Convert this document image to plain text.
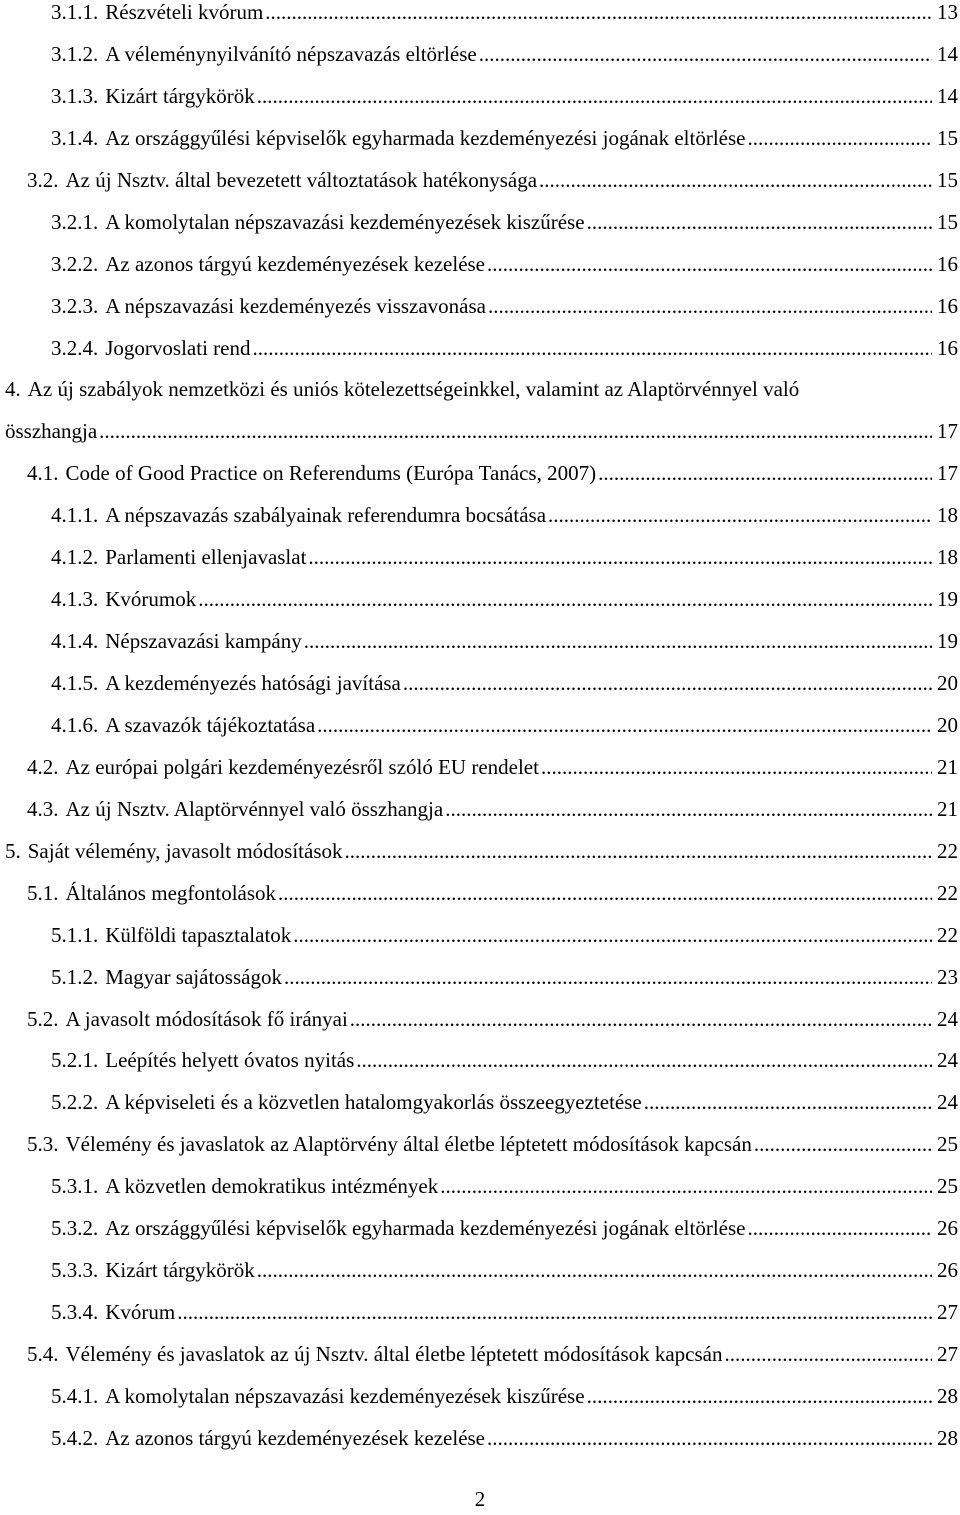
3.1.1. Részvételi kvórum .....	13
3.1.2. A véleménynyilvánító népszavazás eltörlése .....	14
3.1.3. Kizárt tárgykörök .....	14
3.1.4. Az országgyűlési képviselők egyharmada kezdeményezési jogának eltörlése .....	15
3.2. Az új Nsztv. által bevezetett változtatások hatékonysága .....	15
3.2.1. A komolytalan népszavazási kezdeményezések kiszűrése .....	15
3.2.2. Az azonos tárgyú kezdeményezések kezelése .....	16
3.2.3. A népszavazási kezdeményezés visszavonása .....	16
3.2.4. Jogorvoslati rend .....	16
4. Az új szabályok nemzetközi és uniós kötelezettségeinkkel, valamint az Alaptörvénnyel való
összhangja .....	17
4.1. Code of Good Practice on Referendums (Európa Tanács, 2007) .....	17
4.1.1. A népszavazás szabályainak referendumra bocsátása .....	18
4.1.2. Parlamenti ellenjavaslat .....	18
4.1.3. Kvórumok .....	19
4.1.4. Népszavazási kampány .....	19
4.1.5. A kezdeményezés hatósági javítása .....	20
4.1.6. A szavazók tájékoztatása .....	20
4.2. Az európai polgári kezdeményezésről szóló EU rendelet .....	21
4.3. Az új Nsztv. Alaptörvénnyel való összhangja .....	21
5. Saját vélemény, javasolt módosítások .....	22
5.1. Általános megfontolások .....	22
5.1.1. Külföldi tapasztalatok .....	22
5.1.2. Magyar sajátosságok .....	23
5.2. A javasolt módosítások fő irányai .....	24
5.2.1. Leépítés helyett óvatos nyitás .....	24
5.2.2. A képviseleti és a közvetlen hatalomgyakorlás összeegyeztetése .....	24
5.3. Vélemény és javaslatok az Alaptörvény által életbe léptetett módosítások kapcsán .....	25
5.3.1. A közvetlen demokratikus intézmények .....	25
5.3.2. Az országgyűlési képviselők egyharmada kezdeményezési jogának eltörlése .....	26
5.3.3. Kizárt tárgykörök .....	26
5.3.4. Kvórum .....	27
5.4. Vélemény és javaslatok az új Nsztv. által életbe léptetett módosítások kapcsán .....	27
5.4.1. A komolytalan népszavazási kezdeményezések kiszűrése .....	28
5.4.2. Az azonos tárgyú kezdeményezések kezelése .....	28
2
